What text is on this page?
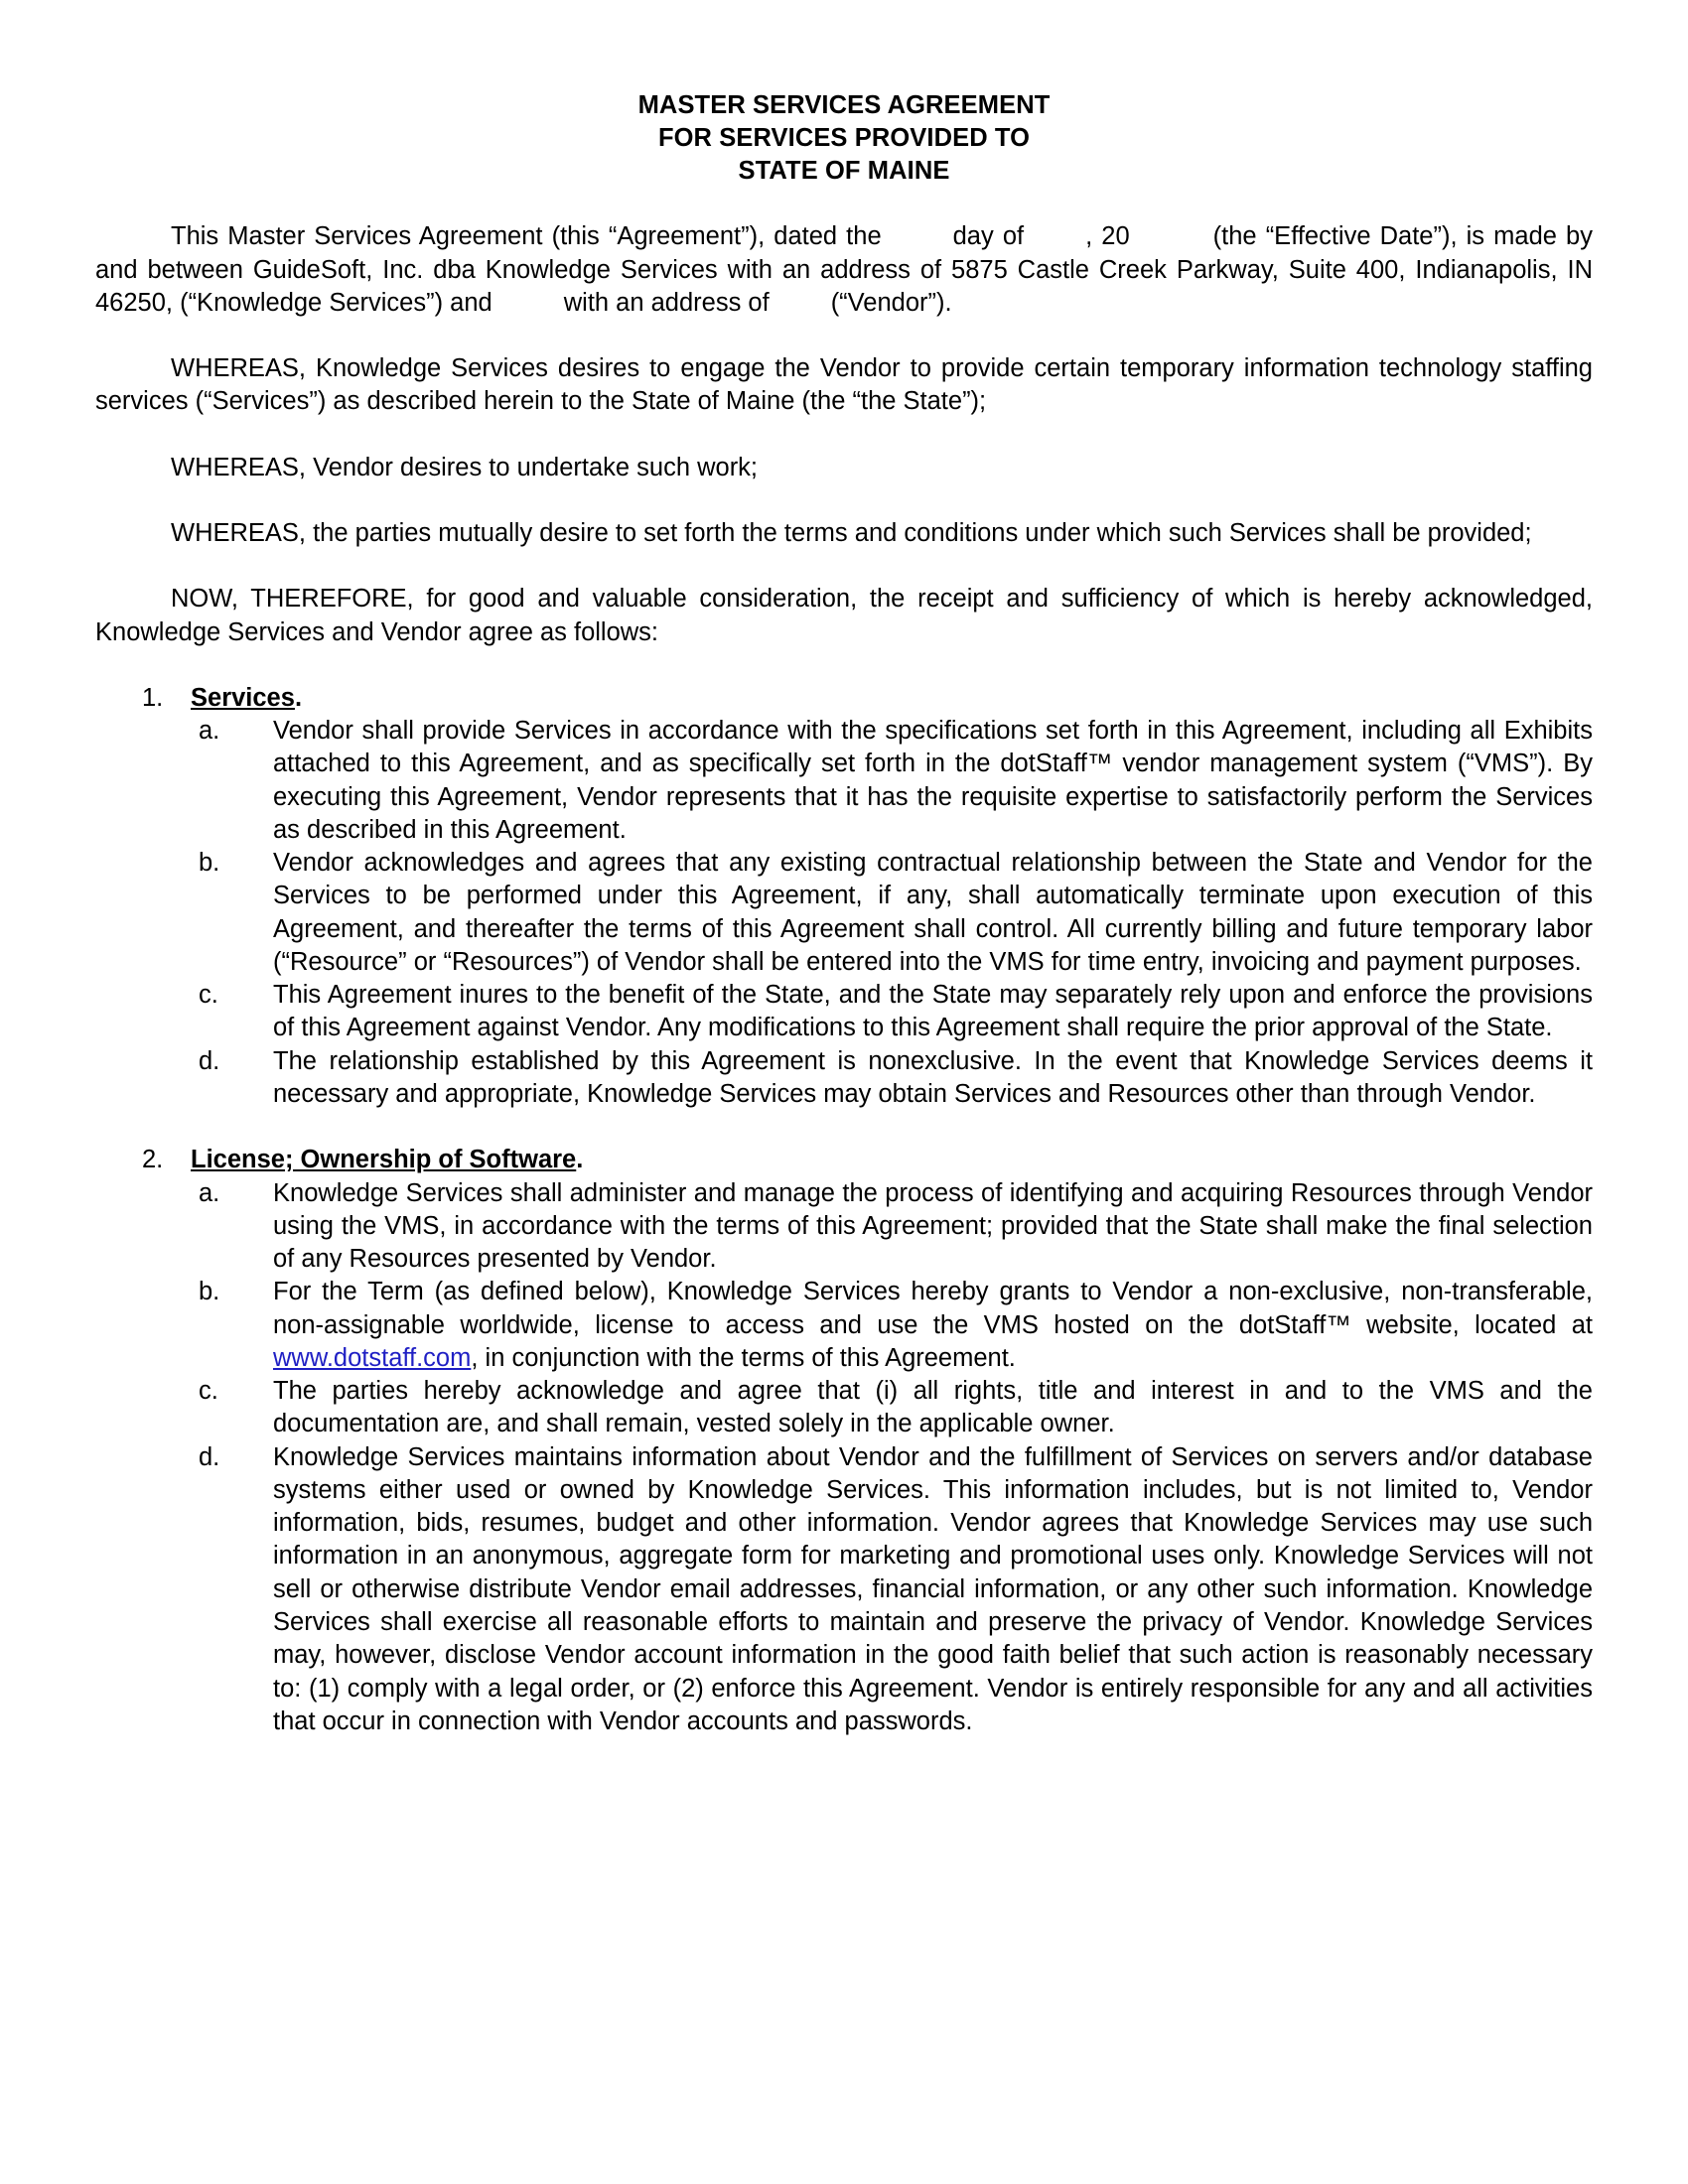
MASTER SERVICES AGREEMENT
FOR SERVICES PROVIDED TO
STATE OF MAINE

This Master Services Agreement (this “Agreement”), dated the	day of , 20	(the “Effective Date”), is made by and between GuideSoft, Inc. dba Knowledge Services with an address of 5875 Castle Creek Parkway, Suite 400, Indianapolis, IN 46250, (“Knowledge Services”) and	with an address of (“Vendor”).

WHEREAS, Knowledge Services desires to engage the Vendor to provide certain temporary information technology staffing services (“Services”) as described herein to the State of Maine (the “the State”);

WHEREAS, Vendor desires to undertake such work;

WHEREAS, the parties mutually desire to set forth the terms and conditions under which such Services shall be provided;

NOW, THEREFORE, for good and valuable consideration, the receipt and sufficiency of which is hereby acknowledged, Knowledge Services and Vendor agree as follows:

1.	Services.
a.	Vendor shall provide Services in accordance with the specifications set forth in this Agreement, including all Exhibits attached to this Agreement, and as specifically set forth in the dotStaff™ vendor management system (“VMS”). By executing this Agreement, Vendor represents that it has the requisite expertise to satisfactorily perform the Services as described in this Agreement.
b.	Vendor acknowledges and agrees that any existing contractual relationship between the State and Vendor for the Services to be performed under this Agreement, if any, shall automatically terminate upon execution of this Agreement, and thereafter the terms of this Agreement shall control. All currently billing and future temporary labor (“Resource” or “Resources”) of Vendor shall be entered into the VMS for time entry, invoicing and payment purposes.
c.	This Agreement inures to the benefit of the State, and the State may separately rely upon and enforce the provisions of this Agreement against Vendor. Any modifications to this Agreement shall require the prior approval of the State.
d.	The relationship established by this Agreement is nonexclusive. In the event that Knowledge Services deems it necessary and appropriate, Knowledge Services may obtain Services and Resources other than through Vendor.
2.	License; Ownership of Software.
a.	Knowledge Services shall administer and manage the process of identifying and acquiring Resources through Vendor using the VMS, in accordance with the terms of this Agreement; provided that the State shall make the final selection of any Resources presented by Vendor.
b.	For the Term (as defined below), Knowledge Services hereby grants to Vendor a non-exclusive, non-transferable, non-assignable worldwide, license to access and use the VMS hosted on the dotStaff™ website, located at www.dotstaff.com, in conjunction with the terms of this Agreement.
c.	The parties hereby acknowledge and agree that (i) all rights, title and interest in and to the VMS and the documentation are, and shall remain, vested solely in the applicable owner.
d.	Knowledge Services maintains information about Vendor and the fulfillment of Services on servers and/or database systems either used or owned by Knowledge Services. This information includes, but is not limited to, Vendor information, bids, resumes, budget and other information. Vendor agrees that Knowledge Services may use such information in an anonymous, aggregate form for marketing and promotional uses only. Knowledge Services will not sell or otherwise distribute Vendor email addresses, financial information, or any other such information. Knowledge Services shall exercise all reasonable efforts to maintain and preserve the privacy of Vendor. Knowledge Services may, however, disclose Vendor account information in the good faith belief that such action is reasonably necessary to: (1) comply with a legal order, or (2) enforce this Agreement. Vendor is entirely responsible for any and all activities that occur in connection with Vendor accounts and passwords.
